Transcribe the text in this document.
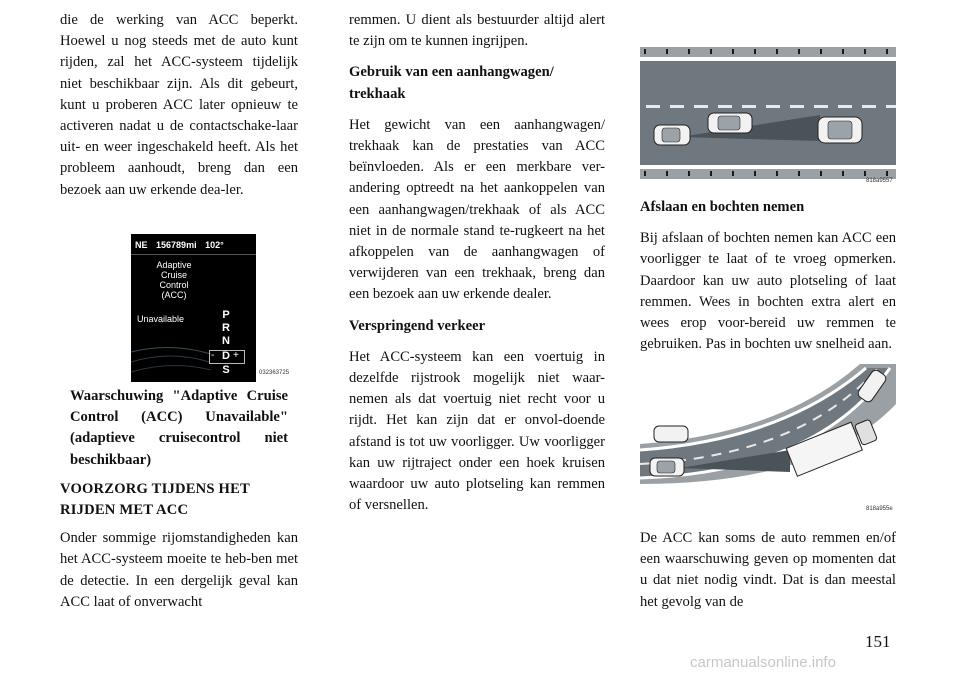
die de werking van ACC beperkt. Hoewel u nog steeds met de auto kunt rijden, zal het ACC-systeem tijdelijk niet beschikbaar zijn. Als dit gebeurt, kunt u proberen ACC later opnieuw te activeren nadat u de contactschake-laar uit- en weer ingeschakeld heeft. Als het probleem aanhoudt, breng dan een bezoek aan uw erkende dea-ler.

NE 156789mi 102°
Adaptive
Cruise
Control
(ACC)
Unavailable	P
R
N
- D +
S	032363725

Waarschuwing "Adaptive Cruise Control (ACC) Unavailable" (adaptieve cruisecontrol niet beschikbaar)

VOORZORG TIJDENS HET RIJDEN MET ACC

Onder sommige rijomstandigheden kan het ACC-systeem moeite te heb-ben met de detectie. In een dergelijk geval kan ACC laat of onverwacht

remmen. U dient als bestuurder altijd alert te zijn om te kunnen ingrijpen.

Gebruik van een aanhangwagen/ trekhaak

Het gewicht van een aanhangwagen/ trekhaak kan de prestaties van ACC beïnvloeden. Als er een merkbare ver-andering optreedt na het aankoppelen van een aanhangwagen/trekhaak of als ACC niet in de normale stand te-rugkeert na het afkoppelen van de aanhangwagen of verwijderen van een trekhaak, breng dan een bezoek aan uw erkende dealer.

Verspringend verkeer

Het ACC-systeem kan een voertuig in dezelfde rijstrook mogelijk niet waar-nemen als dat voertuig niet recht voor u rijdt. Het kan zijn dat er onvol-doende afstand is tot uw voorligger. Uw voorligger kan uw rijtraject onder een hoek kruisen waardoor uw auto plotseling kan remmen of versnellen.

818a9557

Afslaan en bochten nemen

Bij afslaan of bochten nemen kan ACC een voorligger te laat of te vroeg opmerken. Daardoor kan uw auto plotseling of laat remmen. Wees in bochten extra alert en wees erop voor-bereid uw remmen te gebruiken. Pas in bochten uw snelheid aan.

818a955e

De ACC kan soms de auto remmen en/of een waarschuwing geven op momenten dat u dat niet nodig vindt. Dat is dan meestal het gevolg van de

151
carmanualsonline.info
